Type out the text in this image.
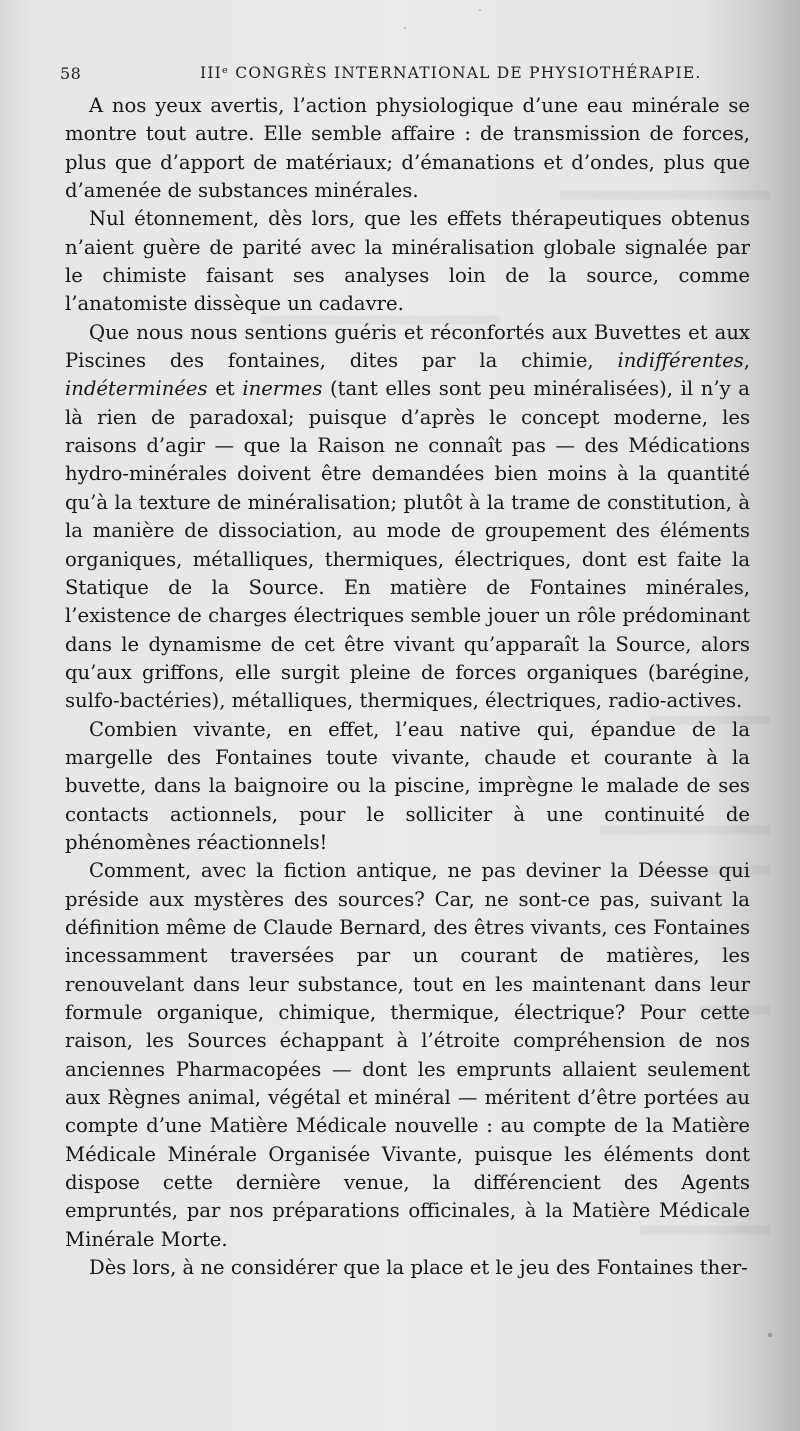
58	IIIᵉ CONGRÈS INTERNATIONAL DE PHYSIOTHÉRAPIE.

A nos yeux avertis, l’action physiologique d’une eau minérale se montre tout autre. Elle semble affaire : de transmission de forces, plus que d’apport de matériaux; d’émanations et d’ondes, plus que d’amenée de substances minérales.

Nul étonnement, dès lors, que les effets thérapeutiques obtenus n’aient guère de parité avec la minéralisation globale signalée par le chimiste faisant ses analyses loin de la source, comme l’anatomiste dissèque un cadavre.

Que nous nous sentions guéris et réconfortés aux Buvettes et aux Piscines des fontaines, dites par la chimie, indifférentes, indéterminées et inermes (tant elles sont peu minéralisées), il n’y a là rien de paradoxal; puisque d’après le concept moderne, les raisons d’agir — que la Raison ne connaît pas — des Médications hydro-minérales doivent être demandées bien moins à la quantité qu’à la texture de minéralisation; plutôt à la trame de constitution, à la manière de dissociation, au mode de groupement des éléments organiques, métalliques, thermiques, électriques, dont est faite la Statique de la Source. En matière de Fontaines minérales, l’existence de charges électriques semble jouer un rôle prédominant dans le dynamisme de cet être vivant qu’apparaît la Source, alors qu’aux griffons, elle surgit pleine de forces organiques (barégine, sulfo-bactéries), métalliques, thermiques, électriques, radio-actives.

Combien vivante, en effet, l’eau native qui, épandue de la margelle des Fontaines toute vivante, chaude et courante à la buvette, dans la baignoire ou la piscine, imprègne le malade de ses contacts actionnels, pour le solliciter à une continuité de phénomènes réactionnels!

Comment, avec la fiction antique, ne pas deviner la Déesse qui préside aux mystères des sources? Car, ne sont-ce pas, suivant la définition même de Claude Bernard, des êtres vivants, ces Fontaines incessamment traversées par un courant de matières, les renouvelant dans leur substance, tout en les maintenant dans leur formule organique, chimique, thermique, électrique? Pour cette raison, les Sources échappant à l’étroite compréhension de nos anciennes Pharmacopées — dont les emprunts allaient seulement aux Règnes animal, végétal et minéral — méritent d’être portées au compte d’une Matière Médicale nouvelle : au compte de la Matière Médicale Minérale Organisée Vivante, puisque les éléments dont dispose cette dernière venue, la différencient des Agents empruntés, par nos préparations officinales, à la Matière Médicale Minérale Morte.

Dès lors, à ne considérer que la place et le jeu des Fontaines ther-
